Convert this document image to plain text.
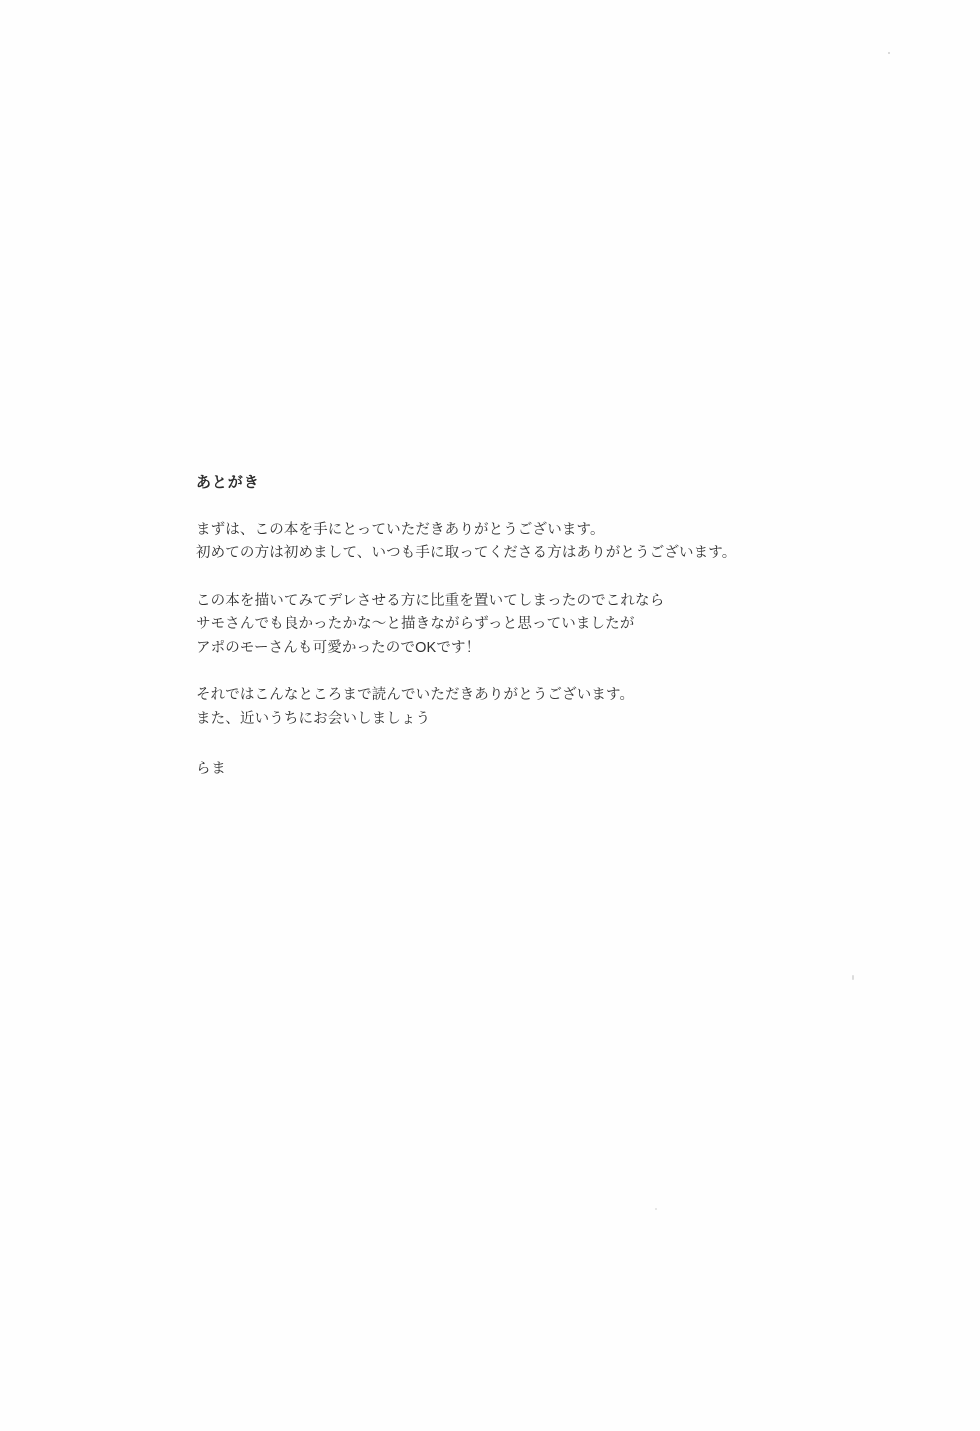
あとがき
まずは、この本を手にとっていただきありがとうございます。
初めての方は初めまして、いつも手に取ってくださる方はありがとうございます。
この本を描いてみてデレさせる方に比重を置いてしまったのでこれなら
サモさんでも良かったかな〜と描きながらずっと思っていましたが
アポのモーさんも可愛かったのでOKです！
それではこんなところまで読んでいただきありがとうございます。
また、近いうちにお会いしましょう
らま
